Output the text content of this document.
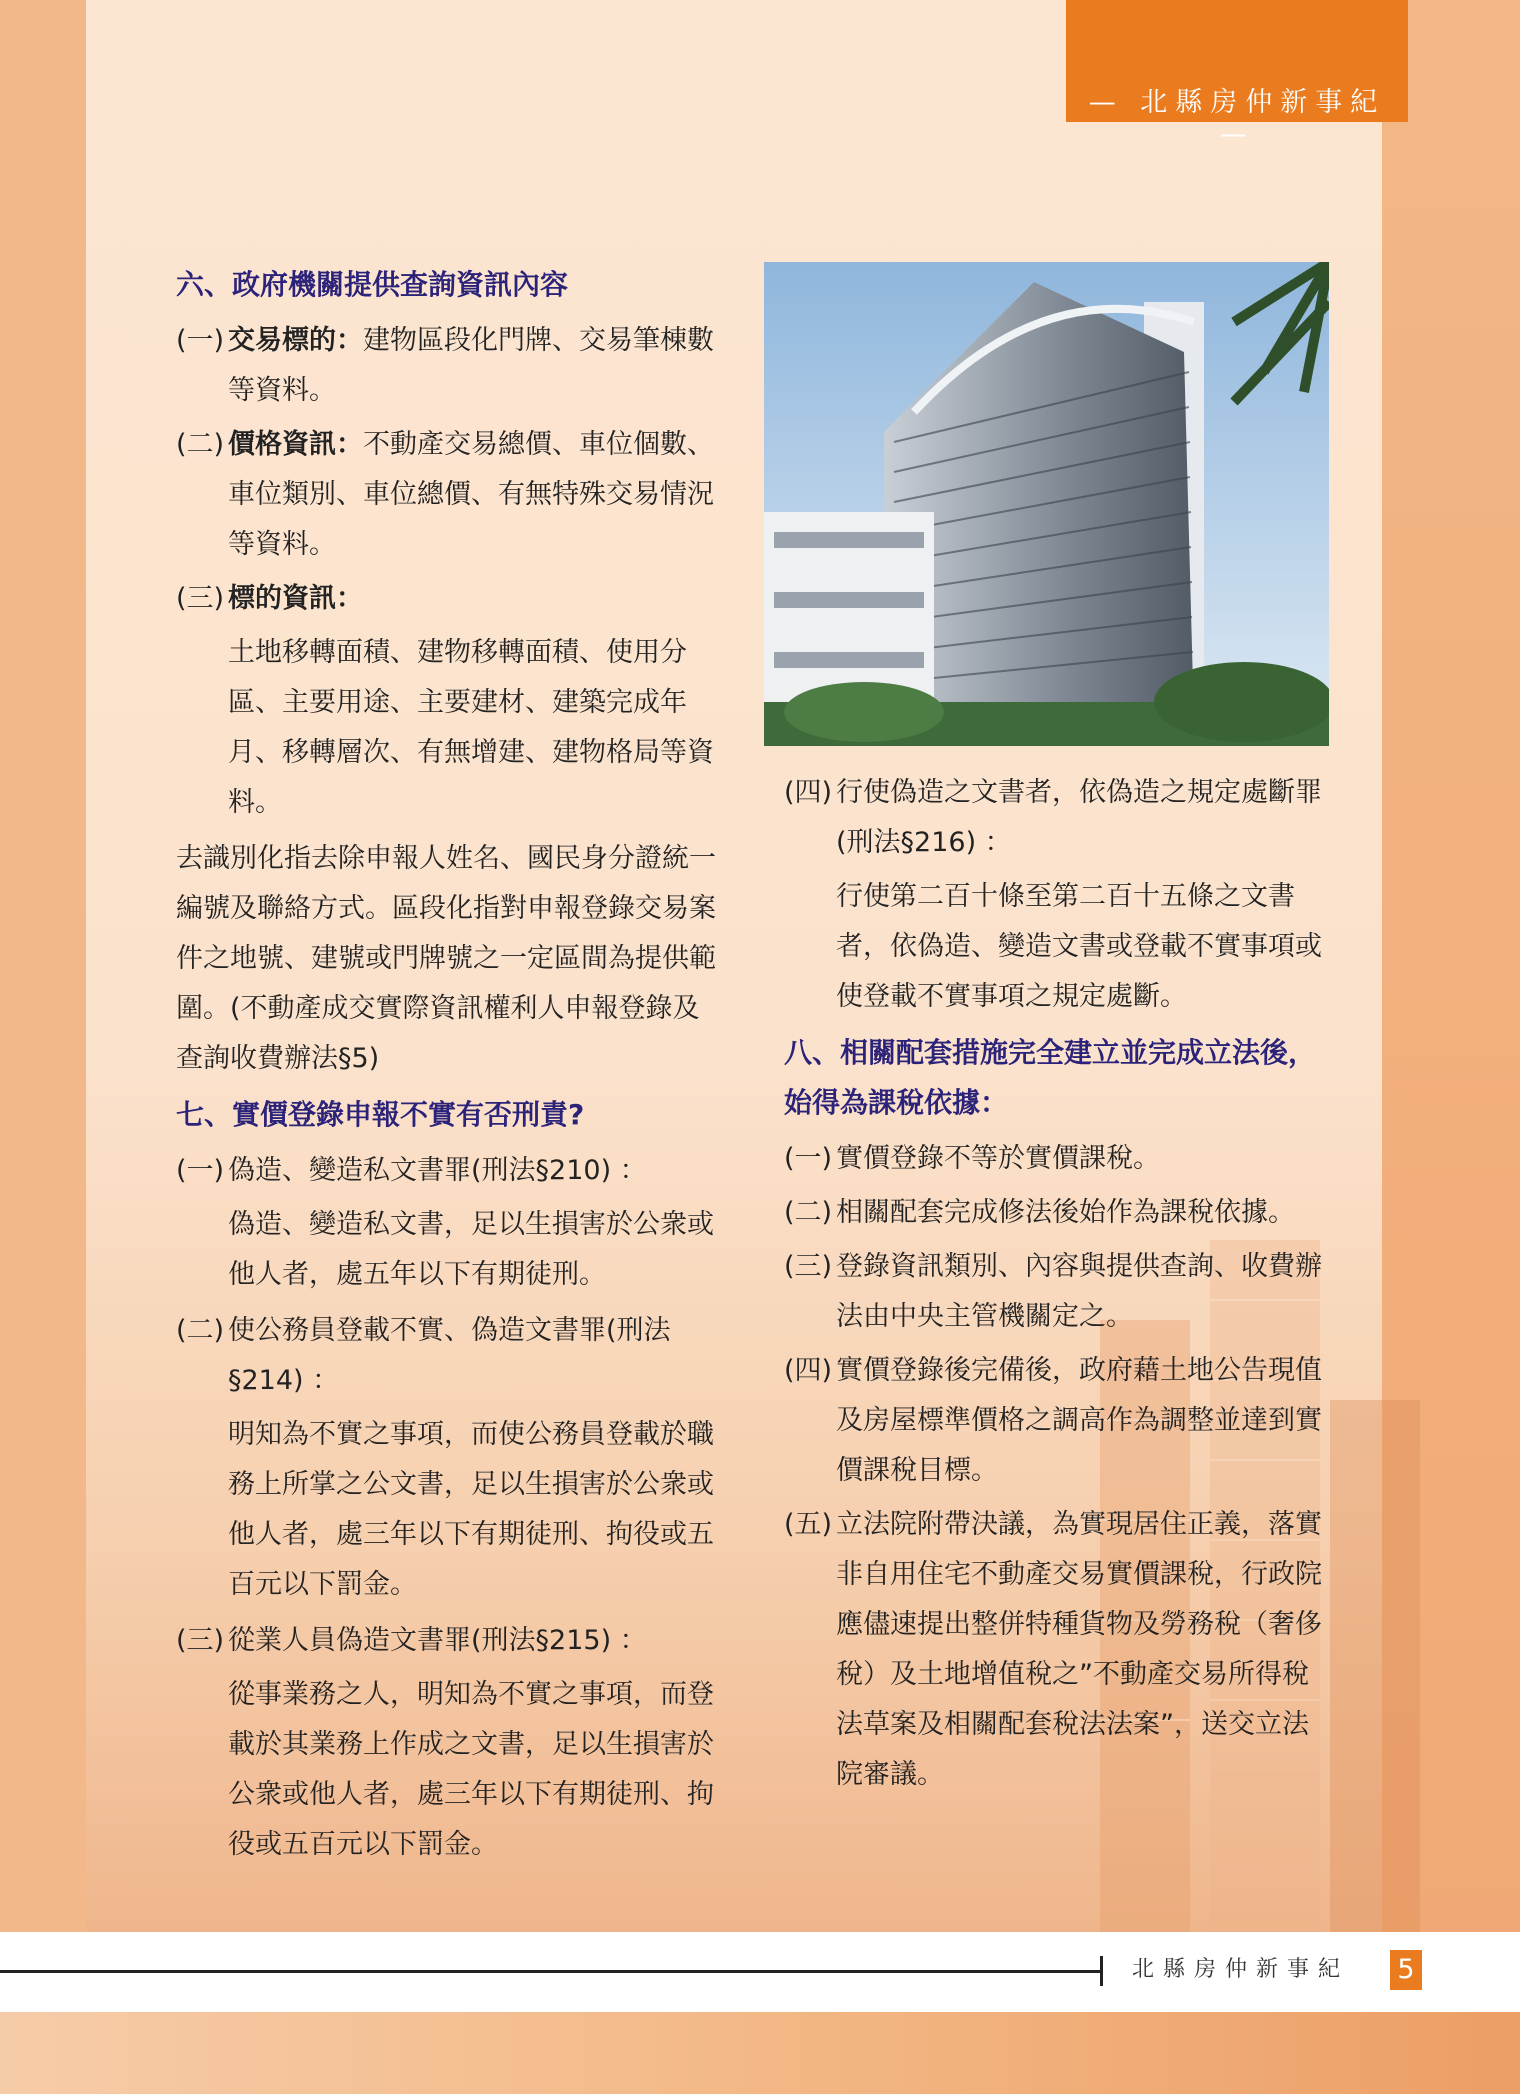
— 北縣房仲新事紀 —
六、政府機關提供查詢資訊內容
(一) 交易標的：建物區段化門牌、交易筆棟數等資料。
(二) 價格資訊：不動產交易總價、車位個數、車位類別、車位總價、有無特殊交易情況等資料。
(三) 標的資訊：
土地移轉面積、建物移轉面積、使用分區、主要用途、主要建材、建築完成年月、移轉層次、有無增建、建物格局等資料。
去識別化指去除申報人姓名、國民身分證統一編號及聯絡方式。區段化指對申報登錄交易案件之地號、建號或門牌號之一定區間為提供範圍。(不動產成交實際資訊權利人申報登錄及查詢收費辦法§5)
七、實價登錄申報不實有否刑責?
(一) 偽造、變造私文書罪(刑法§210) ：
偽造、變造私文書，足以生損害於公衆或他人者，處五年以下有期徒刑。
(二) 使公務員登載不實、偽造文書罪(刑法§214) ：
明知為不實之事項，而使公務員登載於職務上所掌之公文書，足以生損害於公衆或他人者，處三年以下有期徒刑、拘役或五百元以下罰金。
(三) 從業人員偽造文書罪(刑法§215) ：
從事業務之人，明知為不實之事項，而登載於其業務上作成之文書，足以生損害於公衆或他人者，處三年以下有期徒刑、拘役或五百元以下罰金。
(四) 行使偽造之文書者，依偽造之規定處斷罪(刑法§216) ：
行使第二百十條至第二百十五條之文書者，依偽造、變造文書或登載不實事項或使登載不實事項之規定處斷。
八、相關配套措施完全建立並完成立法後，始得為課稅依據：
(一) 實價登錄不等於實價課稅。
(二) 相關配套完成修法後始作為課稅依據。
(三) 登錄資訊類別、內容與提供查詢、收費辦法由中央主管機關定之。
(四) 實價登錄後完備後，政府藉土地公告現值及房屋標準價格之調高作為調整並達到實價課稅目標。
(五) 立法院附帶決議，為實現居住正義，落實非自用住宅不動產交易實價課稅，行政院應儘速提出整併特種貨物及勞務稅（奢侈稅）及土地增值稅之”不動產交易所得稅法草案及相關配套稅法法案”，送交立法院審議。
北縣房仲新事紀 5
